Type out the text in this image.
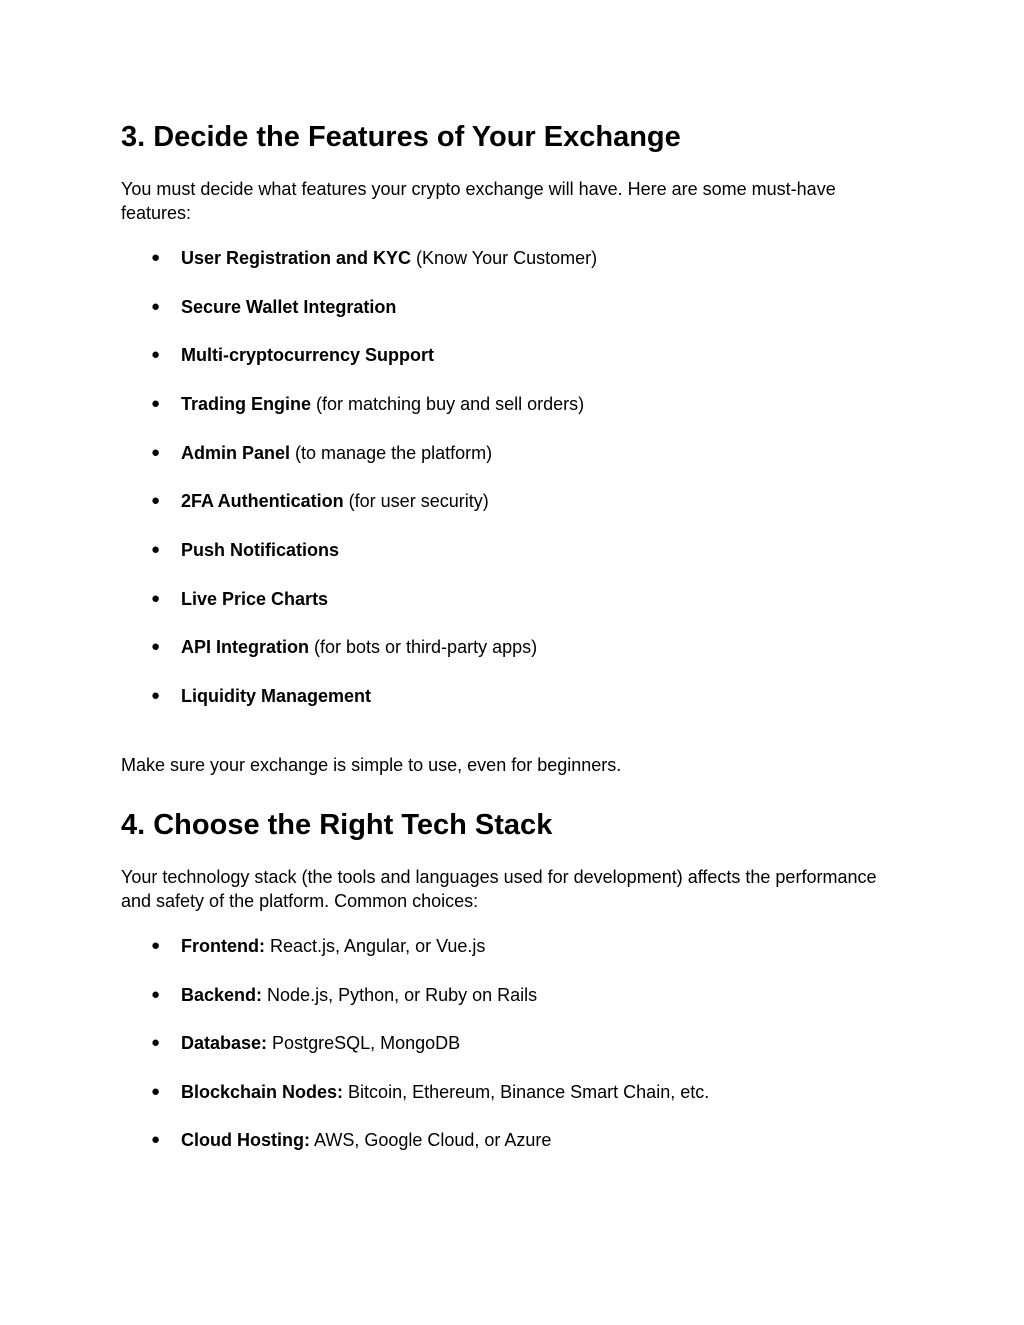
3. Decide the Features of Your Exchange

You must decide what features your crypto exchange will have. Here are some must-have features:

● User Registration and KYC (Know Your Customer)
● Secure Wallet Integration
● Multi-cryptocurrency Support
● Trading Engine (for matching buy and sell orders)
● Admin Panel (to manage the platform)
● 2FA Authentication (for user security)
● Push Notifications
● Live Price Charts
● API Integration (for bots or third-party apps)
● Liquidity Management

Make sure your exchange is simple to use, even for beginners.

4. Choose the Right Tech Stack

Your technology stack (the tools and languages used for development) affects the performance and safety of the platform. Common choices:

● Frontend: React.js, Angular, or Vue.js
● Backend: Node.js, Python, or Ruby on Rails
● Database: PostgreSQL, MongoDB
● Blockchain Nodes: Bitcoin, Ethereum, Binance Smart Chain, etc.
● Cloud Hosting: AWS, Google Cloud, or Azure
